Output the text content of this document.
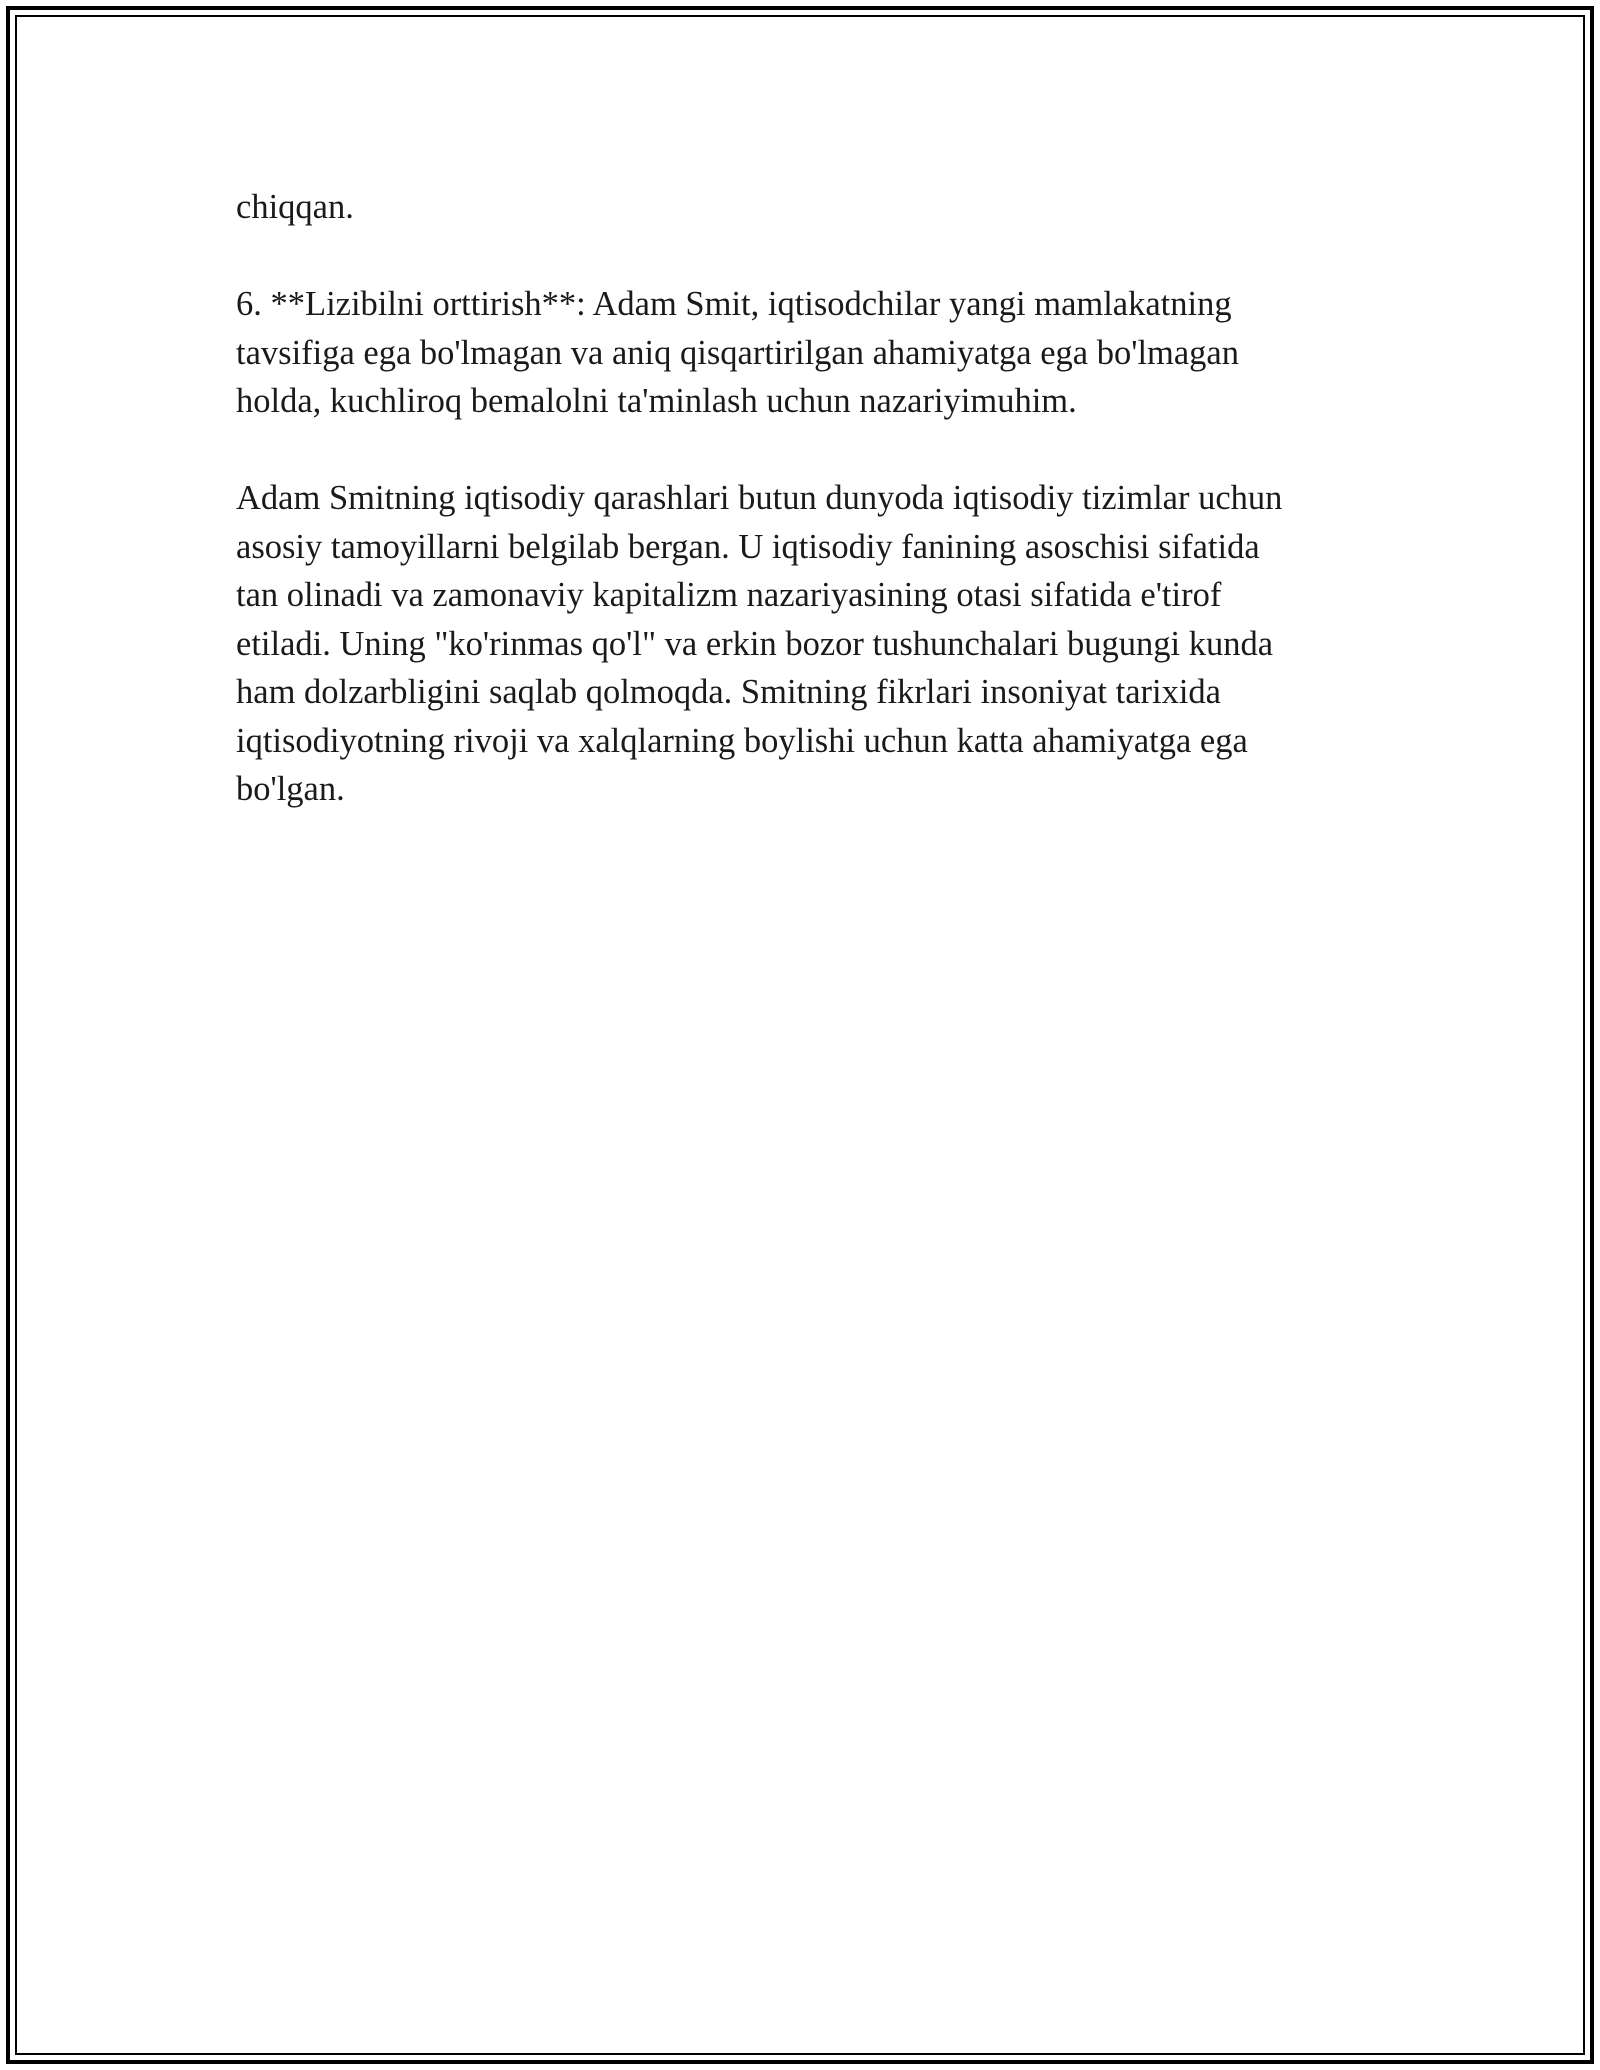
chiqqan.

6. **Lizibilni orttirish**: Adam Smit, iqtisodchilar yangi mamlakatning
tavsifiga ega bo'lmagan va aniq qisqartirilgan ahamiyatga ega bo'lmagan
holda, kuchliroq bemalolni ta'minlash uchun nazariyimuhim.

Adam Smitning iqtisodiy qarashlari butun dunyoda iqtisodiy tizimlar uchun
asosiy tamoyillarni belgilab bergan. U iqtisodiy fanining asoschisi sifatida
tan olinadi va zamonaviy kapitalizm nazariyasining otasi sifatida e'tirof
etiladi. Uning "ko'rinmas qo'l" va erkin bozor tushunchalari bugungi kunda
ham dolzarbligini saqlab qolmoqda. Smitning fikrlari insoniyat tarixida
iqtisodiyotning rivoji va xalqlarning boylishi uchun katta ahamiyatga ega
bo'lgan.
